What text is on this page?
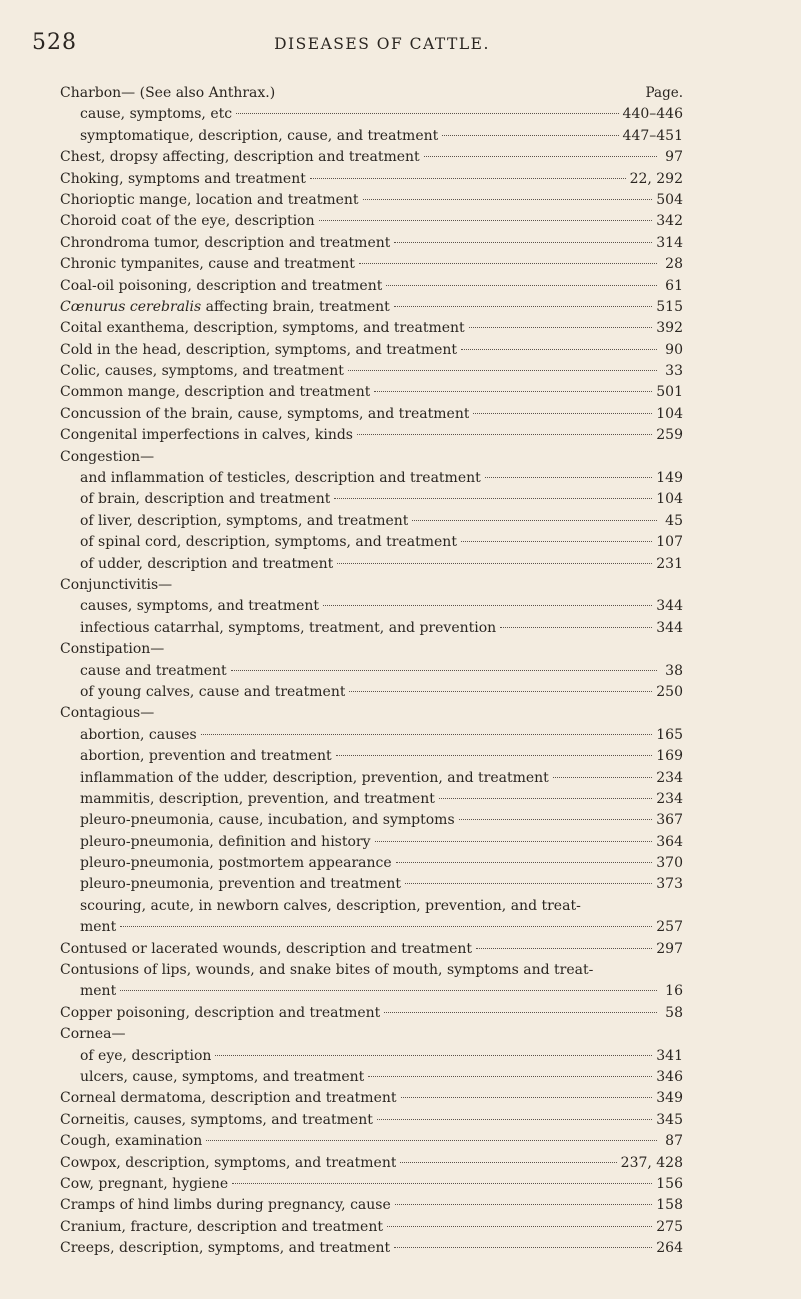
528	DISEASES OF CATTLE.
Charbon— (See also Anthrax.)	Page.
cause, symptoms, etc	440–446
symptomatique, description, cause, and treatment	447–451
Chest, dropsy affecting, description and treatment	97
Choking, symptoms and treatment	22, 292
Chorioptic mange, location and treatment	504
Choroid coat of the eye, description	342
Chrondroma tumor, description and treatment	314
Chronic tympanites, cause and treatment	28
Coal-oil poisoning, description and treatment	61
Cœnurus cerebralis affecting brain, treatment	515
Coital exanthema, description, symptoms, and treatment	392
Cold in the head, description, symptoms, and treatment	90
Colic, causes, symptoms, and treatment	33
Common mange, description and treatment	501
Concussion of the brain, cause, symptoms, and treatment	104
Congenital imperfections in calves, kinds	259
Congestion—
and inflammation of testicles, description and treatment	149
of brain, description and treatment	104
of liver, description, symptoms, and treatment	45
of spinal cord, description, symptoms, and treatment	107
of udder, description and treatment	231
Conjunctivitis—
causes, symptoms, and treatment	344
infectious catarrhal, symptoms, treatment, and prevention	344
Constipation—
cause and treatment	38
of young calves, cause and treatment	250
Contagious—
abortion, causes	165
abortion, prevention and treatment	169
inflammation of the udder, description, prevention, and treatment	234
mammitis, description, prevention, and treatment	234
pleuro-pneumonia, cause, incubation, and symptoms	367
pleuro-pneumonia, definition and history	364
pleuro-pneumonia, postmortem appearance	370
pleuro-pneumonia, prevention and treatment	373
scouring, acute, in newborn calves, description, prevention, and treat-
ment	257
Contused or lacerated wounds, description and treatment	297
Contusions of lips, wounds, and snake bites of mouth, symptoms and treat-
ment	16
Copper poisoning, description and treatment	58
Cornea—
of eye, description	341
ulcers, cause, symptoms, and treatment	346
Corneal dermatoma, description and treatment	349
Corneitis, causes, symptoms, and treatment	345
Cough, examination	87
Cowpox, description, symptoms, and treatment	237, 428
Cow, pregnant, hygiene	156
Cramps of hind limbs during pregnancy, cause	158
Cranium, fracture, description and treatment	275
Creeps, description, symptoms, and treatment	264
